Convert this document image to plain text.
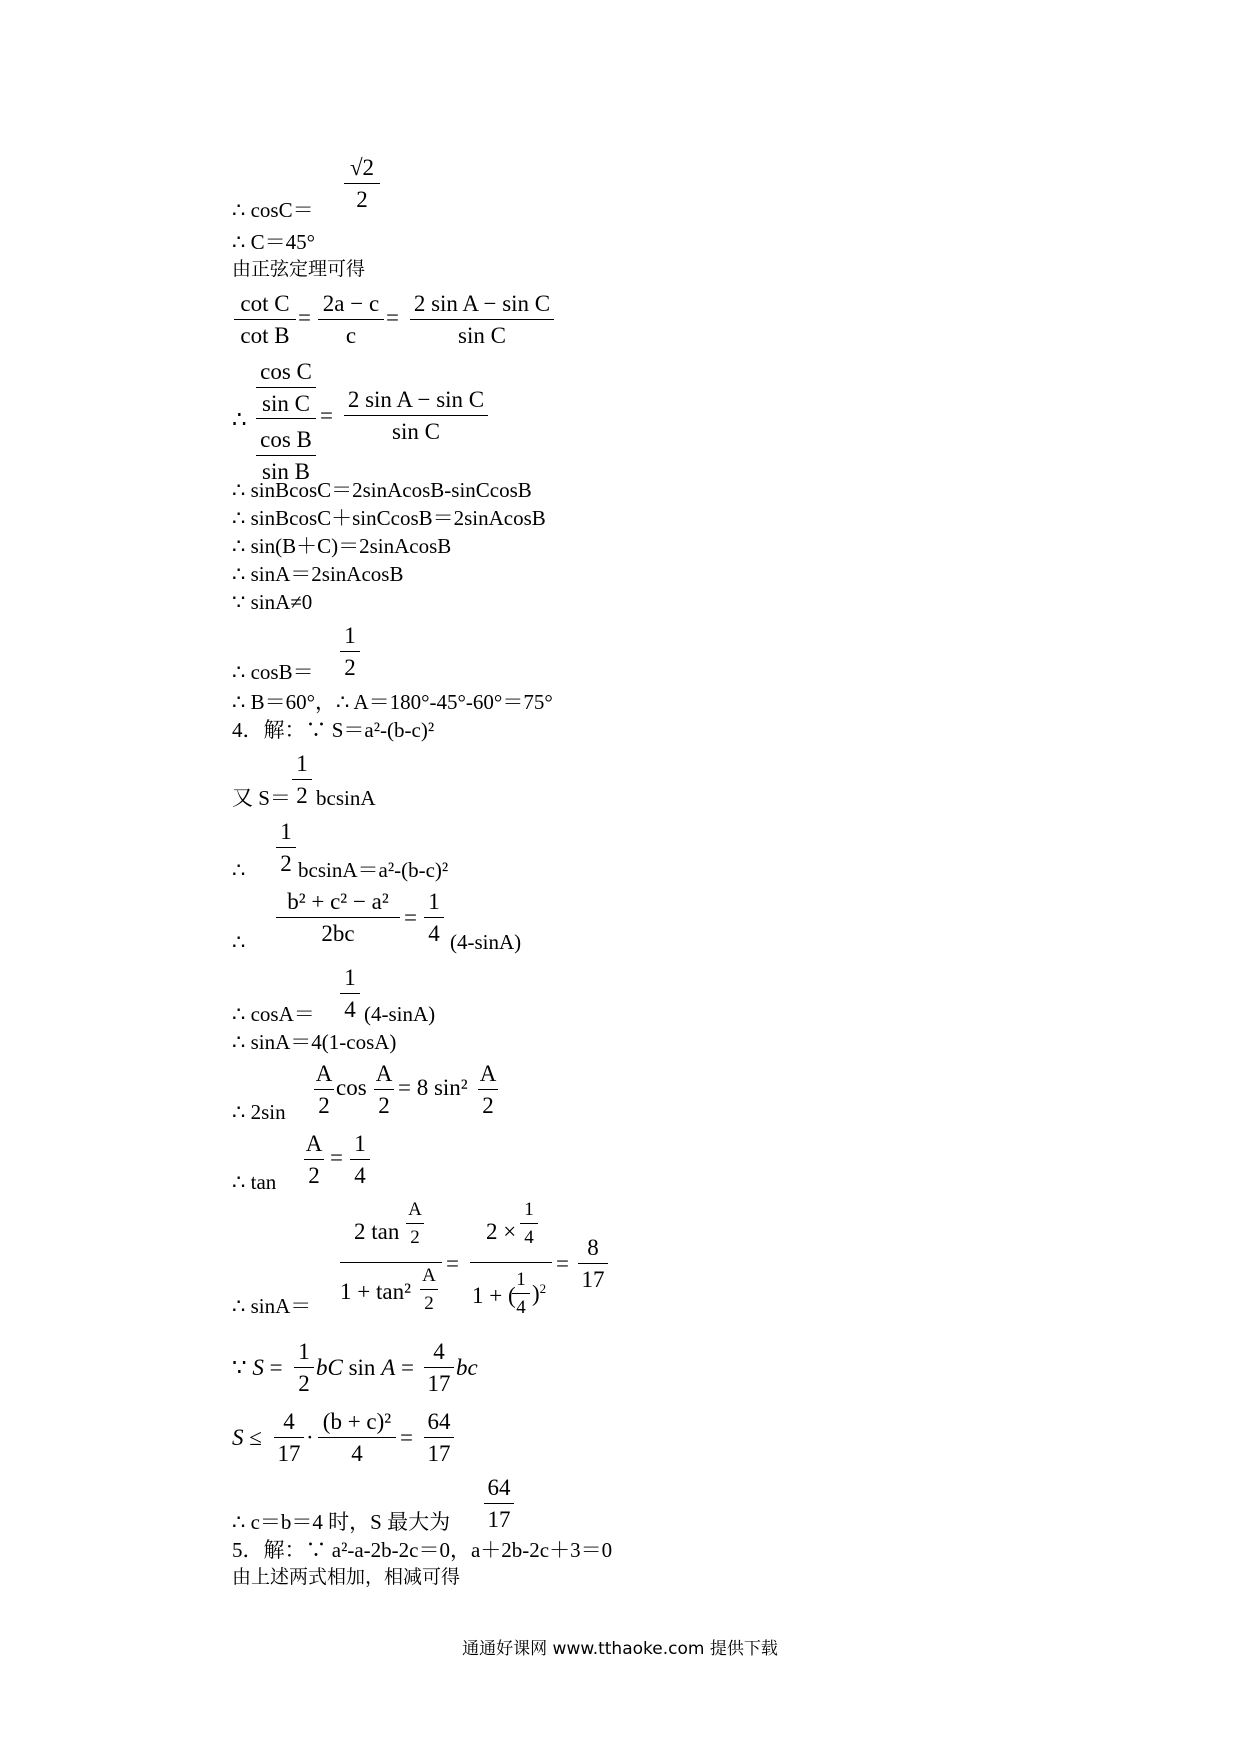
∴ cosC＝
√2
2
∴ C＝45°
由正弦定理可得
cot C
cot B
=
2a − c
c
=
2 sin A − sin C
sin C
∴
cos C
sin C
cos B
sin B
=
2 sin A − sin C
sin C
∴ sinBcosC＝2sinAcosB-sinCcosB
∴ sinBcosC＋sinCcosB＝2sinAcosB
∴ sin(B＋C)＝2sinAcosB
∴ sinA＝2sinAcosB
∵ sinA≠0
∴ cosB＝
1
2
∴ B＝60°，∴ A＝180°-45°-60°＝75°
4．解：∵ S＝a²-(b-c)²
又 S＝
1
2 bcsinA
∴
1
2 bcsinA＝a²-(b-c)²
∴
b² + c² − a²
2bc
=
1
4 (4-sinA)
∴ cosA＝
1
4 (4-sinA)
∴ sinA＝4(1-cosA)
∴ 2sin
A
2
cos
A
2
= 8 sin²
A
2
∴ tan
A
2
=
1
4
∴ sinA＝
2 tan
A
2
1 + tan²
A
2
=
2 ×
1
4
1 + (
1
4
)$^2$
=
8
17
∵ S =
1
2
bC sin A =
4
17
bc
S ≤
4
17
·
(b + c)²
4
=
64
17
∴ c＝b＝4 时，S 最大为
64
17
5．解：∵ a²-a-2b-2c＝0，a＋2b-2c＋3＝0
由上述两式相加，相减可得
通通好课网 www.tthaoke.com 提供下载
